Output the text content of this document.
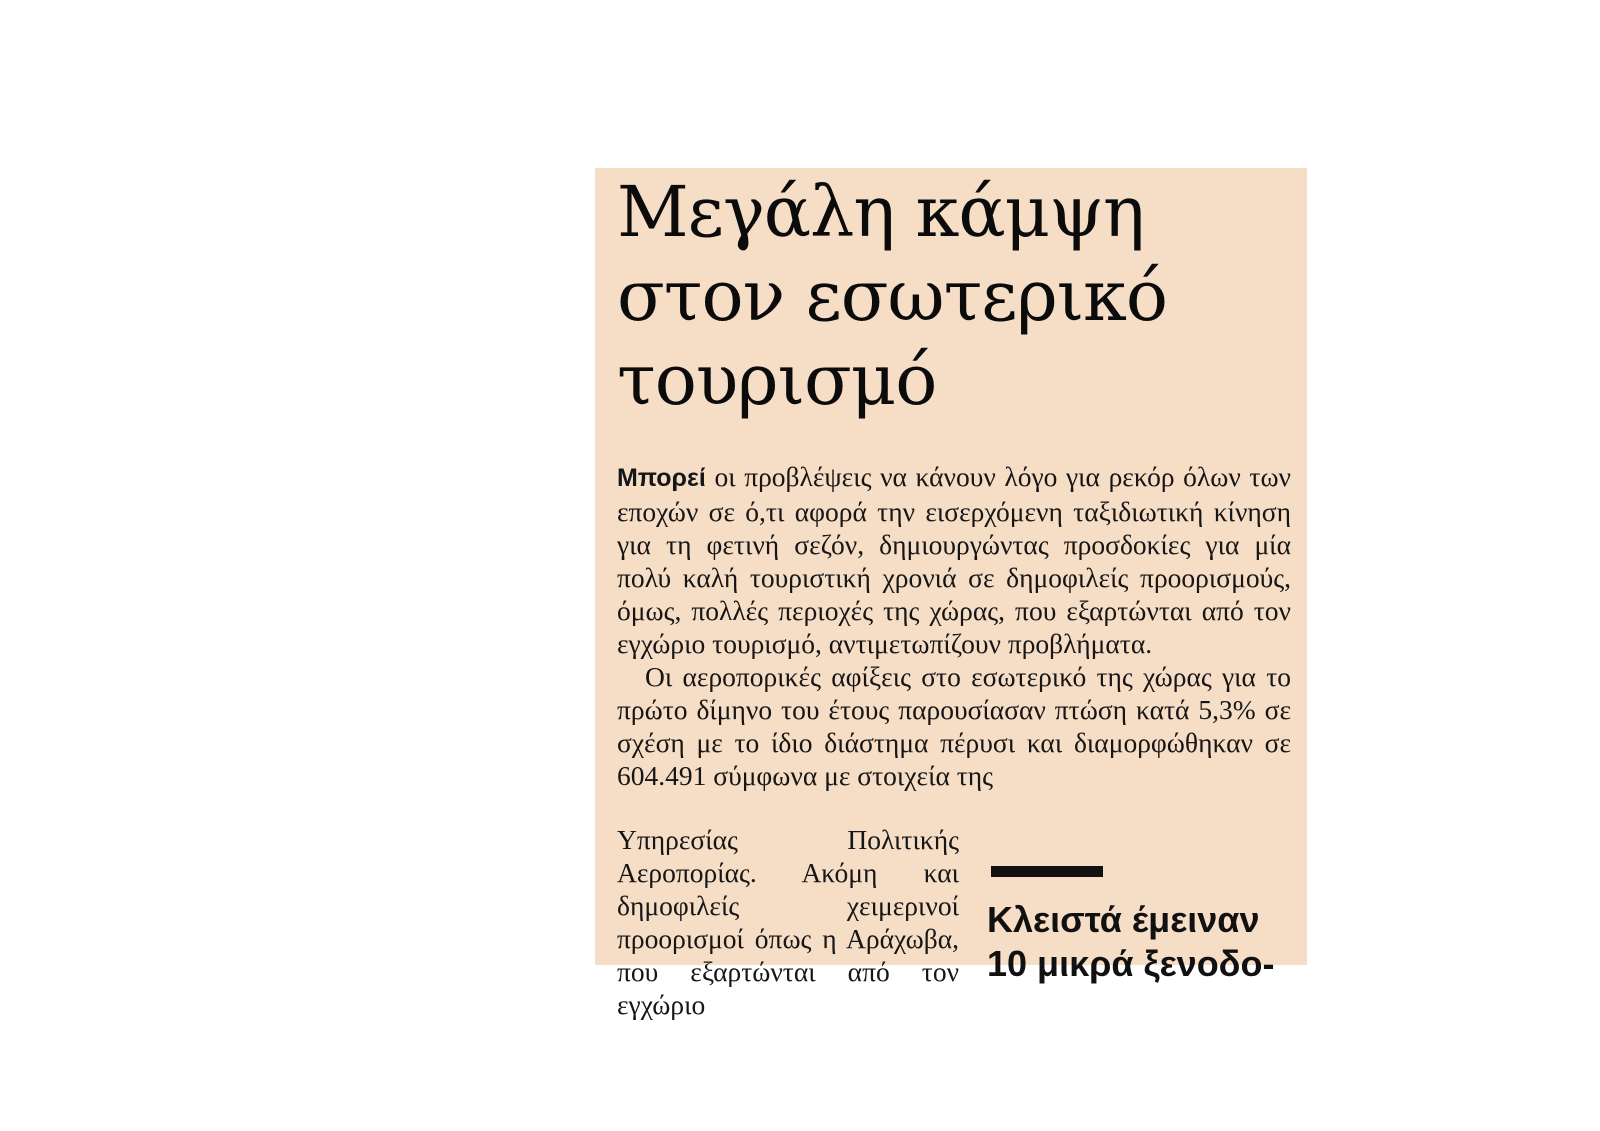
Μεγάλη κάμψη
στον εσωτερικό
τουρισμό

Μπορεί οι προβλέψεις να κάνουν λόγο για ρεκόρ όλων των εποχών σε ό,τι αφορά την εισερχόμενη ταξιδιωτική κίνηση για τη φετινή σεζόν, δημιουργώντας προσδοκίες για μία πολύ καλή τουριστική χρονιά σε δημοφιλείς προορισμούς, όμως, πολλές περιοχές της χώρας, που εξαρτώνται από τον εγχώριο τουρισμό, αντιμετωπίζουν προβλήματα.

Οι αεροπορικές αφίξεις στο εσωτερικό της χώρας για το πρώτο δίμηνο του έτους παρουσίασαν πτώση κατά 5,3% σε σχέση με το ίδιο διάστημα πέρυσι και διαμορφώθηκαν σε 604.491 σύμφωνα με στοιχεία της

Υπηρεσίας Πολιτικής Αεροπορίας. Ακόμη και δημοφιλείς χειμερινοί προορισμοί όπως η Αράχωβα, που εξαρτώνται από τον εγχώριο

Κλειστά έμειναν
10 μικρά ξενοδο-
